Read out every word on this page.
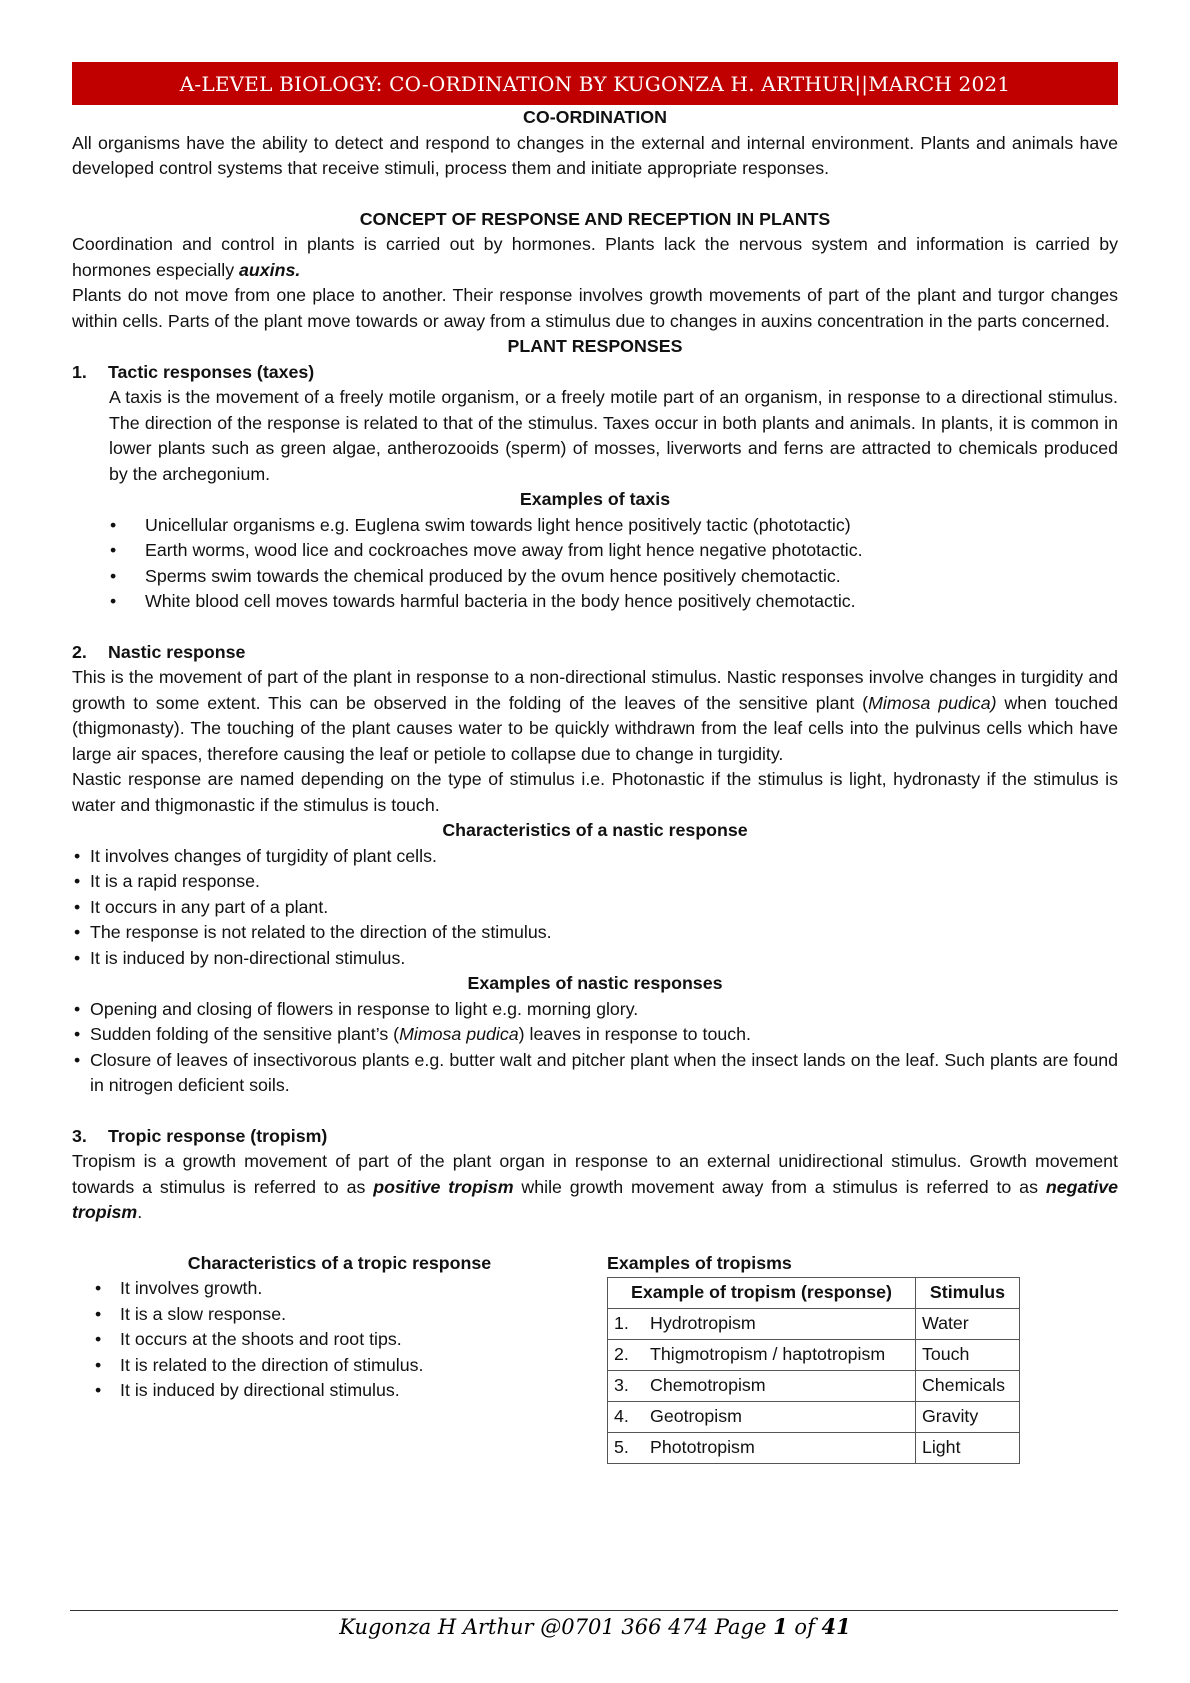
A-LEVEL BIOLOGY: CO-ORDINATION BY KUGONZA H. ARTHUR||MARCH 2021
CO-ORDINATION

All organisms have the ability to detect and respond to changes in the external and internal environment. Plants and animals have developed control systems that receive stimuli, process them and initiate appropriate responses.

CONCEPT OF RESPONSE AND RECEPTION IN PLANTS

Coordination and control in plants is carried out by hormones. Plants lack the nervous system and information is carried by hormones especially auxins.

Plants do not move from one place to another. Their response involves growth movements of part of the plant and turgor changes within cells. Parts of the plant move towards or away from a stimulus due to changes in auxins concentration in the parts concerned.

PLANT RESPONSES
1.	Tactic responses (taxes)

A taxis is the movement of a freely motile organism, or a freely motile part of an organism, in response to a directional stimulus. The direction of the response is related to that of the stimulus. Taxes occur in both plants and animals. In plants, it is common in lower plants such as green algae, antherozooids (sperm) of mosses, liverworts and ferns are attracted to chemicals produced by the archegonium.

Examples of taxis
• Unicellular organisms e.g. Euglena swim towards light hence positively tactic (phototactic)
• Earth worms, wood lice and cockroaches move away from light hence negative phototactic.
• Sperms swim towards the chemical produced by the ovum hence positively chemotactic.
• White blood cell moves towards harmful bacteria in the body hence positively chemotactic.
2.	Nastic response

This is the movement of part of the plant in response to a non-directional stimulus. Nastic responses involve changes in turgidity and growth to some extent. This can be observed in the folding of the leaves of the sensitive plant (Mimosa pudica) when touched (thigmonasty). The touching of the plant causes water to be quickly withdrawn from the leaf cells into the pulvinus cells which have large air spaces, therefore causing the leaf or petiole to collapse due to change in turgidity.

Nastic response are named depending on the type of stimulus i.e. Photonastic if the stimulus is light, hydronasty if the stimulus is water and thigmonastic if the stimulus is touch.

Characteristics of a nastic response
• It involves changes of turgidity of plant cells.
• It is a rapid response.
• It occurs in any part of a plant.
• The response is not related to the direction of the stimulus.
• It is induced by non-directional stimulus.
Examples of nastic responses
• Opening and closing of flowers in response to light e.g. morning glory.
• Sudden folding of the sensitive plant’s (Mimosa pudica) leaves in response to touch.
• Closure of leaves of insectivorous plants e.g. butter walt and pitcher plant when the insect lands on the leaf. Such plants are found in nitrogen deficient soils.
3.	Tropic response (tropism)

Tropism is a growth movement of part of the plant organ in response to an external unidirectional stimulus. Growth movement towards a stimulus is referred to as positive tropism while growth movement away from a stimulus is referred to as negative tropism.

Characteristics of a tropic response
• It involves growth.
• It is a slow response.
• It occurs at the shoots and root tips.
• It is related to the direction of stimulus.
• It is induced by directional stimulus.
Examples of tropisms
Example of tropism (response)	Stimulus
1. Hydrotropism	Water
2. Thigmotropism / haptotropism	Touch
3. Chemotropism	Chemicals
4. Geotropism	Gravity
5. Phototropism	Light
Kugonza H Arthur @0701 366 474 Page 1 of 41
